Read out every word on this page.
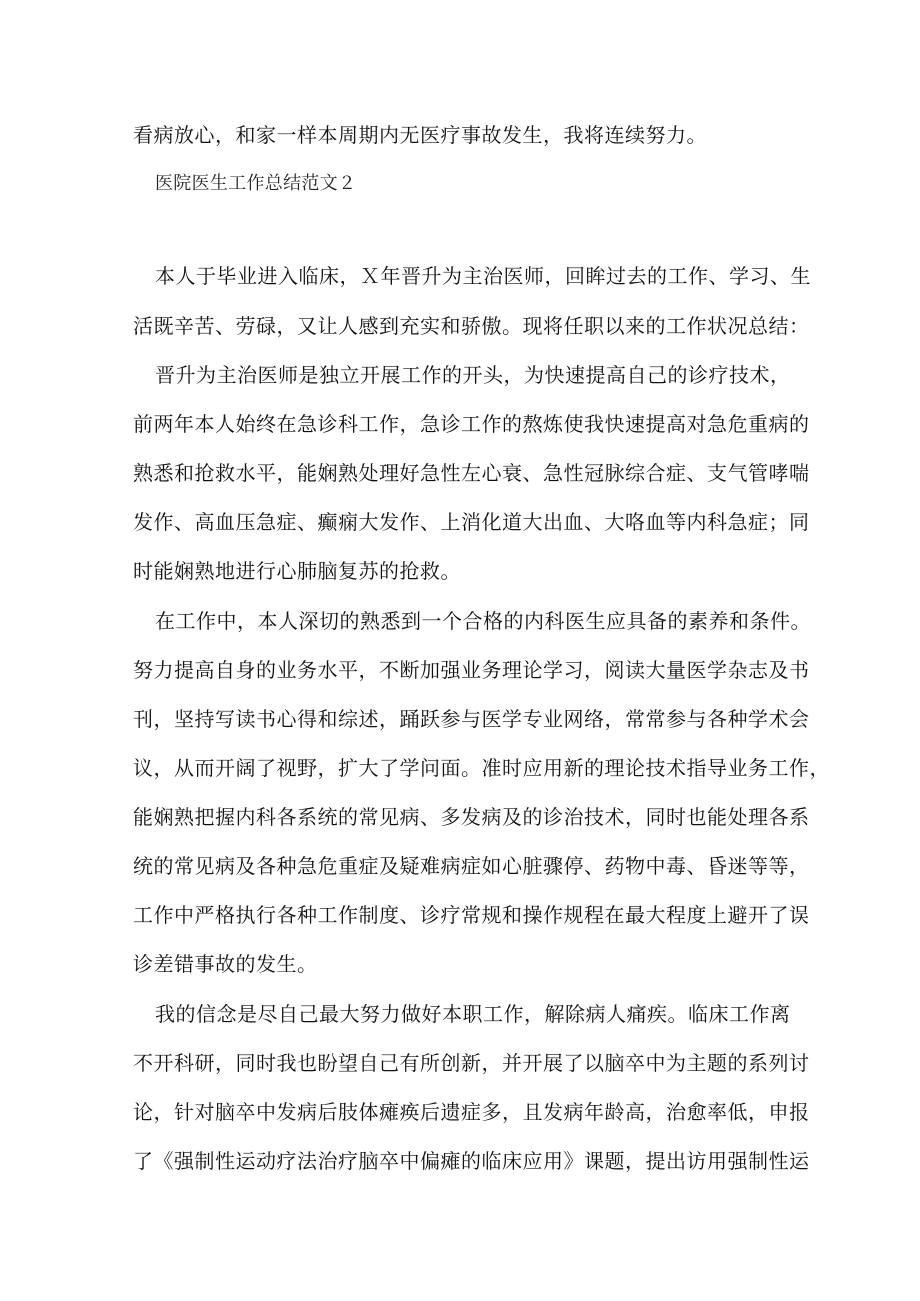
看病放心，和家一样本周期内无医疗事故发生，我将连续努力。
医院医生工作总结范文２
本人于毕业进入临床，Ｘ年晋升为主治医师，回眸过去的工作、学习、生
活既辛苦、劳碌，又让人感到充实和骄傲。现将任职以来的工作状况总结：
晋升为主治医师是独立开展工作的开头，为快速提高自己的诊疗技术，
前两年本人始终在急诊科工作，急诊工作的熬炼使我快速提高对急危重病的
熟悉和抢救水平，能娴熟处理好急性左心衰、急性冠脉综合症、支气管哮喘
发作、高血压急症、癫痫大发作、上消化道大出血、大咯血等内科急症；同
时能娴熟地进行心肺脑复苏的抢救。
在工作中，本人深切的熟悉到一个合格的内科医生应具备的素养和条件。
努力提高自身的业务水平，不断加强业务理论学习，阅读大量医学杂志及书
刊，坚持写读书心得和综述，踊跃参与医学专业网络，常常参与各种学术会
议，从而开阔了视野，扩大了学问面。准时应用新的理论技术指导业务工作，
能娴熟把握内科各系统的常见病、多发病及的诊治技术，同时也能处理各系
统的常见病及各种急危重症及疑难病症如心脏骤停、药物中毒、昏迷等等，
工作中严格执行各种工作制度、诊疗常规和操作规程在最大程度上避开了误
诊差错事故的发生。
我的信念是尽自己最大努力做好本职工作，解除病人痛疾。临床工作离
不开科研，同时我也盼望自己有所创新，并开展了以脑卒中为主题的系列讨
论，针对脑卒中发病后肢体瘫痪后遗症多，且发病年龄高，治愈率低，申报
了《强制性运动疗法治疗脑卒中偏瘫的临床应用》课题，提出访用强制性运
